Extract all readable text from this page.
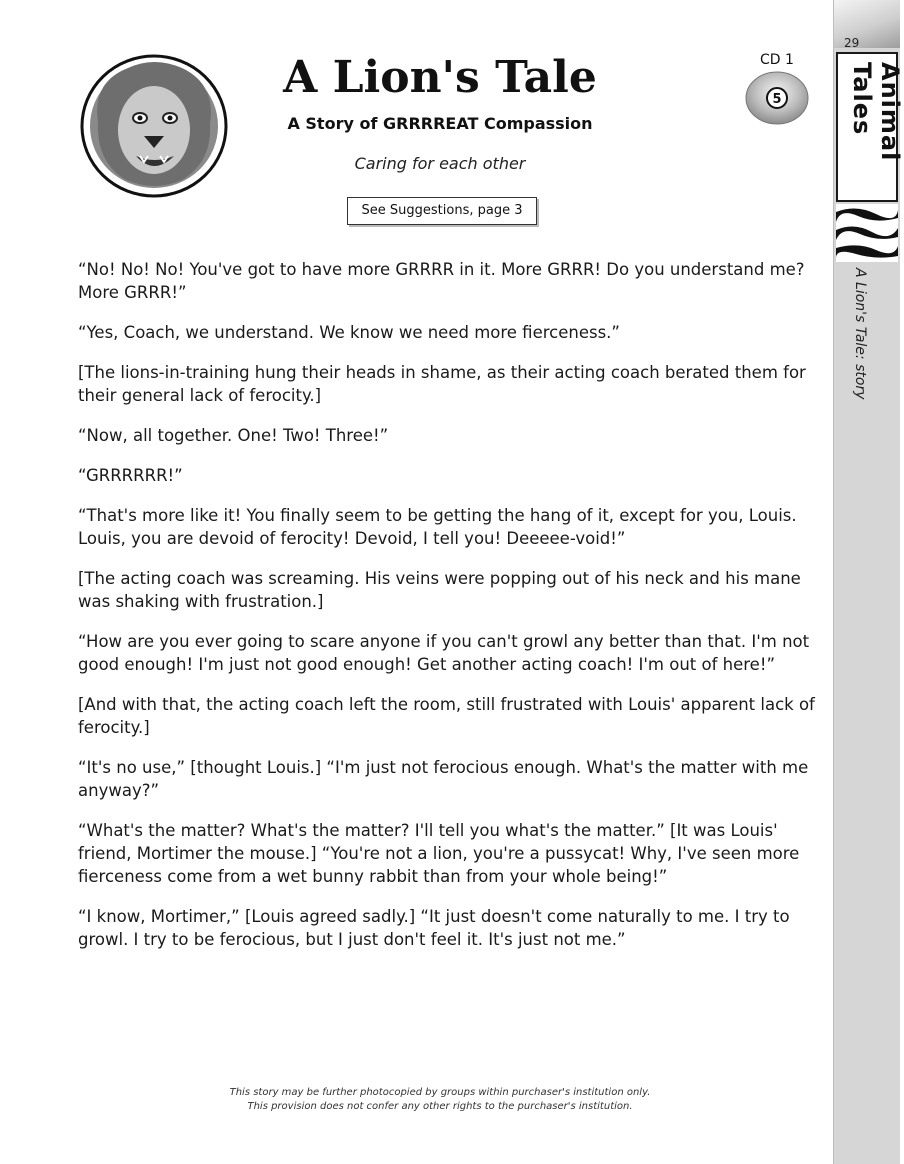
29
Animal Tales
A Lion's Tale: story
A Lion's Tale
A Story of GRRRREAT Compassion
Caring for each other
See Suggestions, page 3
CD 1
5

“No! No! No! You've got to have more GRRRR in it. More GRRR! Do you understand me? More GRRR!”

“Yes, Coach, we understand. We know we need more fierceness.”

[The lions-in-training hung their heads in shame, as their acting coach berated them for their general lack of ferocity.]

“Now, all together. One! Two! Three!”

“GRRRRRR!”

“That's more like it! You finally seem to be getting the hang of it, except for you, Louis. Louis, you are devoid of ferocity! Devoid, I tell you! Deeeee-void!”

[The acting coach was screaming. His veins were popping out of his neck and his mane was shaking with frustration.]

“How are you ever going to scare anyone if you can't growl any better than that. I'm not good enough! I'm just not good enough! Get another acting coach! I'm out of here!”

[And with that, the acting coach left the room, still frustrated with Louis' apparent lack of ferocity.]

“It's no use,” [thought Louis.] “I'm just not ferocious enough. What's the matter with me anyway?”

“What's the matter? What's the matter? I'll tell you what's the matter.” [It was Louis' friend, Mortimer the mouse.] “You're not a lion, you're a pussycat! Why, I've seen more fierceness come from a wet bunny rabbit than from your whole being!”

“I know, Mortimer,” [Louis agreed sadly.] “It just doesn't come naturally to me. I try to growl. I try to be ferocious, but I just don't feel it. It's just not me.”

This story may be further photocopied by groups within purchaser's institution only.
This provision does not confer any other rights to the purchaser's institution.
